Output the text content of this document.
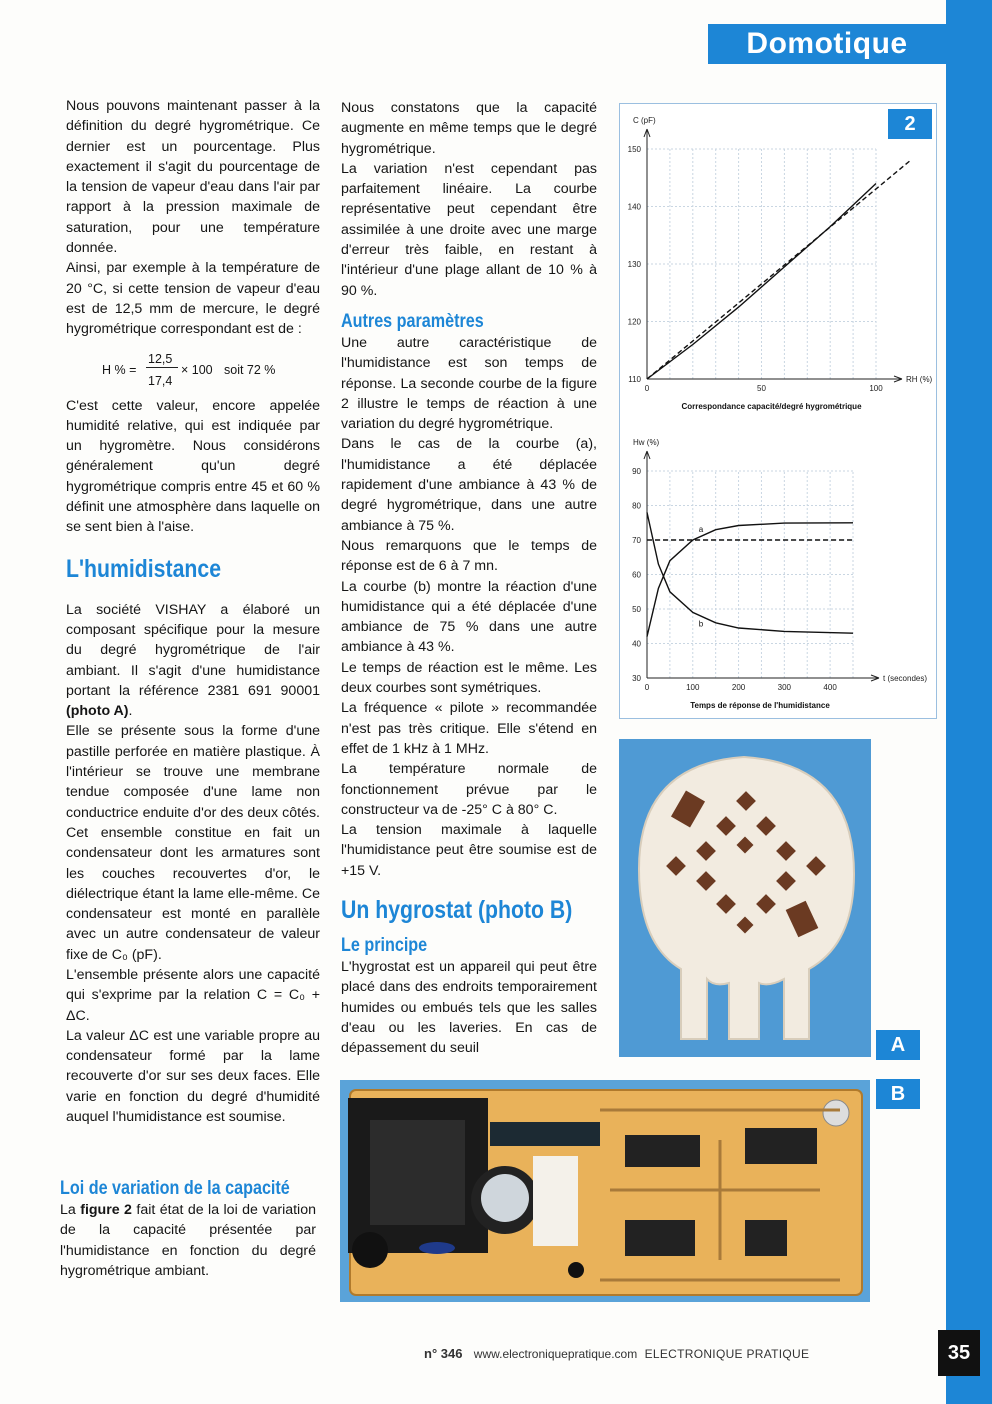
Domotique

Nous pouvons maintenant passer à la définition du degré hygrométrique. Ce dernier est un pourcentage. Plus exactement il s'agit du pourcentage de la tension de vapeur d'eau dans l'air par rapport à la pression maximale de saturation, pour une température donnée.

Ainsi, par exemple à la température de 20 °C, si cette tension de vapeur d'eau est de 12,5 mm de mercure, le degré hygrométrique correspondant est de :

H % =
12,5
17,4
× 100 soit 72 %

C'est cette valeur, encore appelée humidité relative, qui est indiquée par un hygromètre. Nous considérons généralement qu'un degré hygrométrique compris entre 45 et 60 % définit une atmosphère dans laquelle on se sent bien à l'aise.

L'humidistance

La société VISHAY a élaboré un composant spécifique pour la mesure du degré hygrométrique de l'air ambiant. Il s'agit d'une humidistance portant la référence 2381 691 90001 (photo A).

Elle se présente sous la forme d'une pastille perforée en matière plastique. À l'intérieur se trouve une membrane tendue composée d'une lame non conductrice enduite d'or des deux côtés. Cet ensemble constitue en fait un condensateur dont les armatures sont les couches recouvertes d'or, le diélectrique étant la lame elle-même. Ce condensateur est monté en parallèle avec un autre condensateur de valeur fixe de C₀ (pF).

L'ensemble présente alors une capacité qui s'exprime par la relation C = C₀ + ΔC.

La valeur ΔC est une variable propre au condensateur formé par la lame recouverte d'or sur ses deux faces. Elle varie en fonction du degré d'humidité auquel l'humidistance est soumise.

Loi de variation de la capacité

La figure 2 fait état de la loi de variation de la capacité présentée par l'humidistance en fonction du degré hygrométrique ambiant.

Nous constatons que la capacité augmente en même temps que le degré hygrométrique.

La variation n'est cependant pas parfaitement linéaire. La courbe représentative peut cependant être assimilée à une droite avec une marge d'erreur très faible, en restant à l'intérieur d'une plage allant de 10 % à 90 %.

Autres paramètres

Une autre caractéristique de l'humidistance est son temps de réponse. La seconde courbe de la figure 2 illustre le temps de réaction à une variation du degré hygrométrique.

Dans le cas de la courbe (a), l'humidistance a été déplacée rapidement d'une ambiance à 43 % de degré hygrométrique, dans une autre ambiance à 75 %.

Nous remarquons que le temps de réponse est de 6 à 7 mn.

La courbe (b) montre la réaction d'une humidistance qui a été déplacée d'une ambiance de 75 % dans une autre ambiance à 43 %.

Le temps de réaction est le même. Les deux courbes sont symétriques.

La fréquence « pilote » recommandée n'est pas très critique. Elle s'étend en effet de 1 kHz à 1 MHz.

La température normale de fonctionnement prévue par le constructeur va de -25° C à 80° C.

La tension maximale à laquelle l'humidistance peut être soumise est de +15 V.

Un hygrostat (photo B)
Le principe

L'hygrostat est un appareil qui peut être placé dans des endroits temporairement humides ou embués tels que les salles d'eau ou les laveries. En cas de dépassement du seuil

2
110
120
130
140
150
0	50	100
C (pF)
RH (%)
Correspondance capacité/degré hygrométrique
30
40
50
60
70
80
90
0	100	200	300	400
Hw (%)
t (secondes)
Temps de réponse de l'humidistance
a
b
A
B
n° 346 www.electroniquepratique.com ELECTRONIQUE PRATIQUE	35
